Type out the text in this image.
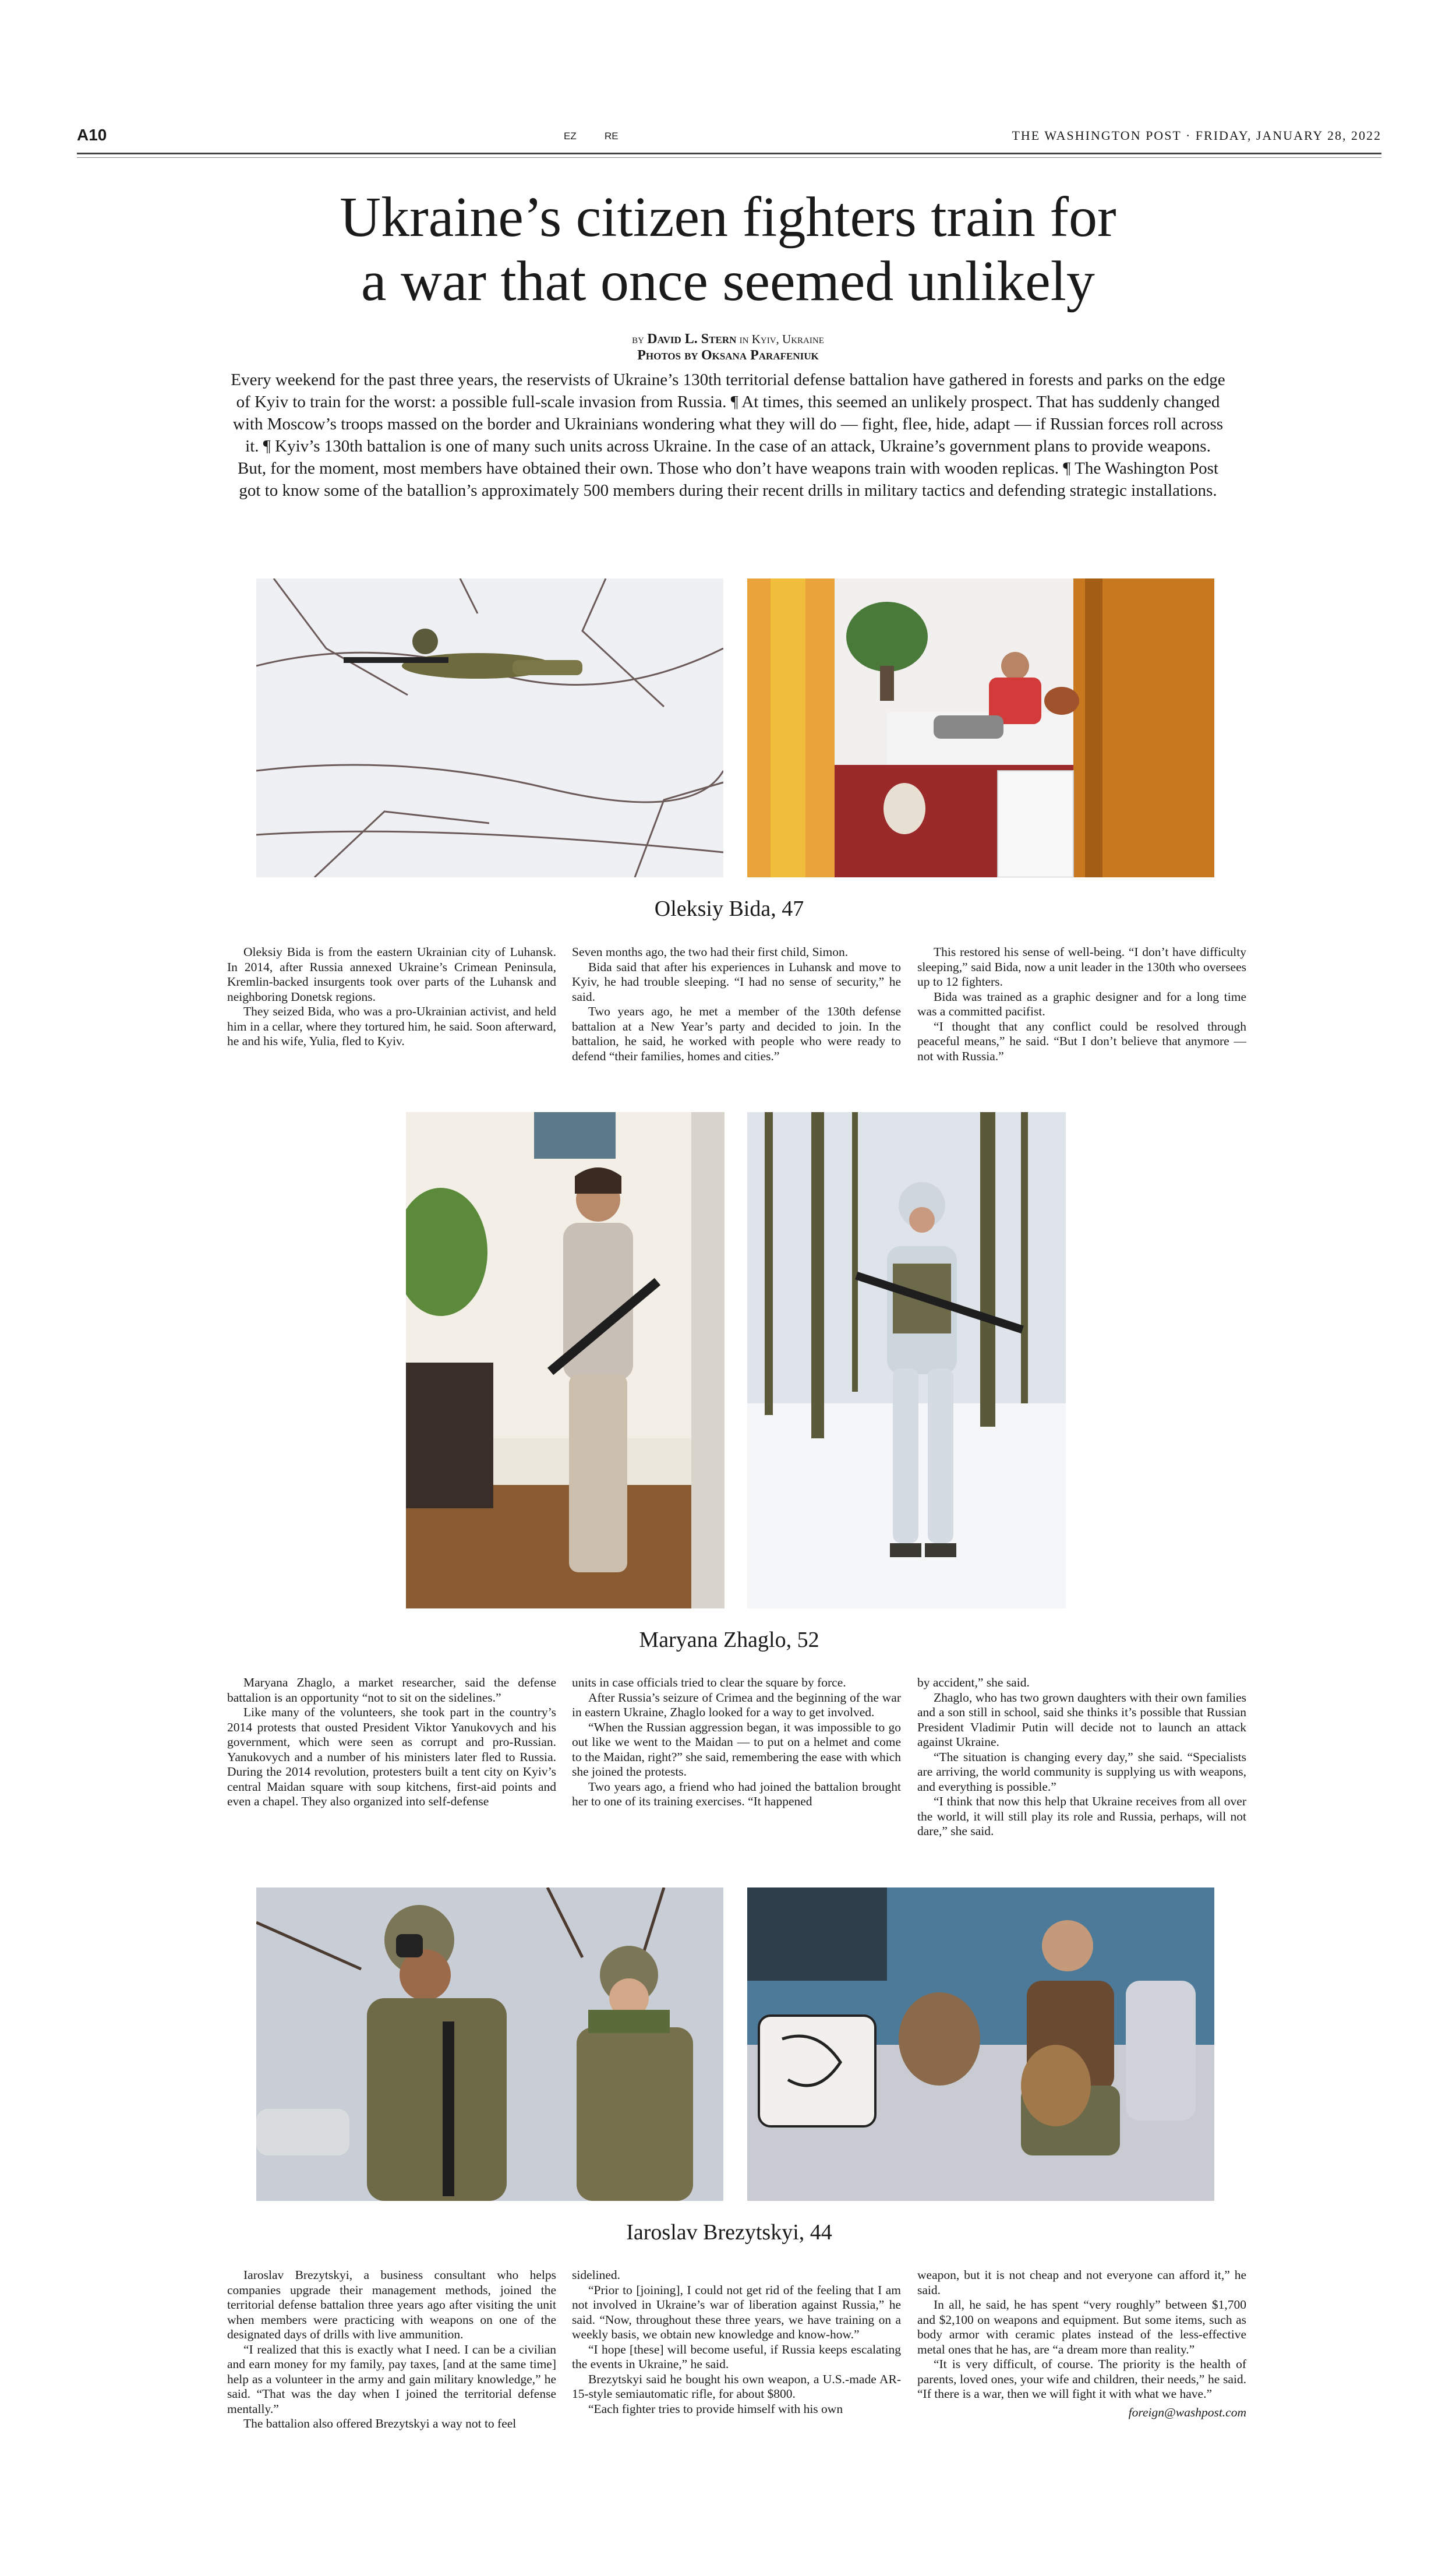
A10	EZ	RE	THE WASHINGTON POST · FRIDAY, JANUARY 28, 2022
Ukraine’s citizen fighters train for
a war that once seemed unlikely
by David L. Stern in Kyiv, Ukraine
Photos by Oksana Parafeniuk

Every weekend for the past three years, the reservists of Ukraine’s 130th territorial defense battalion have gathered in forests and parks on the edge of Kyiv to train for the worst: a possible full-scale invasion from Russia. ¶ At times, this seemed an unlikely prospect. That has suddenly changed with Moscow’s troops massed on the border and Ukrainians wondering what they will do — fight, flee, hide, adapt — if Russian forces roll across it. ¶ Kyiv’s 130th battalion is one of many such units across Ukraine. In the case of an attack, Ukraine’s government plans to provide weapons. But, for the moment, most members have obtained their own. Those who don’t have weapons train with wooden replicas. ¶ The Washington Post got to know some of the batallion’s approximately 500 members during their recent drills in military tactics and defending strategic installations.

Oleksiy Bida, 47

Oleksiy Bida is from the eastern Ukrainian city of Luhansk. In 2014, after Russia annexed Ukraine’s Crimean Peninsula, Kremlin-backed insurgents took over parts of the Luhansk and neighboring Donetsk regions.

They seized Bida, who was a pro-Ukrainian activist, and held him in a cellar, where they tortured him, he said. Soon afterward, he and his wife, Yulia, fled to Kyiv.

Seven months ago, the two had their first child, Simon.

Bida said that after his experiences in Luhansk and move to Kyiv, he had trouble sleeping. “I had no sense of security,” he said.

Two years ago, he met a member of the 130th defense battalion at a New Year’s party and decided to join. In the battalion, he said, he worked with people who were ready to defend “their families, homes and cities.”

This restored his sense of well-being. “I don’t have difficulty sleeping,” said Bida, now a unit leader in the 130th who oversees up to 12 fighters.

Bida was trained as a graphic designer and for a long time was a committed pacifist.

“I thought that any conflict could be resolved through peaceful means,” he said. “But I don’t believe that anymore — not with Russia.”

Maryana Zhaglo, 52

Maryana Zhaglo, a market researcher, said the defense battalion is an opportunity “not to sit on the sidelines.”

Like many of the volunteers, she took part in the country’s 2014 protests that ousted President Viktor Yanukovych and his government, which were seen as corrupt and pro-Russian. Yanukovych and a number of his ministers later fled to Russia. During the 2014 revolution, protesters built a tent city on Kyiv’s central Maidan square with soup kitchens, first-aid points and even a chapel. They also organized into self-defense

units in case officials tried to clear the square by force.

After Russia’s seizure of Crimea and the beginning of the war in eastern Ukraine, Zhaglo looked for a way to get involved.

“When the Russian aggression began, it was impossible to go out like we went to the Maidan — to put on a helmet and come to the Maidan, right?” she said, remembering the ease with which she joined the protests.

Two years ago, a friend who had joined the battalion brought her to one of its training exercises. “It happened

by accident,” she said.

Zhaglo, who has two grown daughters with their own families and a son still in school, said she thinks it’s possible that Russian President Vladimir Putin will decide not to launch an attack against Ukraine.

“The situation is changing every day,” she said. “Specialists are arriving, the world community is supplying us with weapons, and everything is possible.”

“I think that now this help that Ukraine receives from all over the world, it will still play its role and Russia, perhaps, will not dare,” she said.

Iaroslav Brezytskyi, 44

Iaroslav Brezytskyi, a business consultant who helps companies upgrade their management methods, joined the territorial defense battalion three years ago after visiting the unit when members were practicing with weapons on one of the designated days of drills with live ammunition.

“I realized that this is exactly what I need. I can be a civilian and earn money for my family, pay taxes, [and at the same time] help as a volunteer in the army and gain military knowledge,” he said. “That was the day when I joined the territorial defense mentally.”

The battalion also offered Brezytskyi a way not to feel

sidelined.

“Prior to [joining], I could not get rid of the feeling that I am not involved in Ukraine’s war of liberation against Russia,” he said. “Now, throughout these three years, we have training on a weekly basis, we obtain new knowledge and know-how.”

“I hope [these] will become useful, if Russia keeps escalating the events in Ukraine,” he said.

Brezytskyi said he bought his own weapon, a U.S.-made AR-15-style semiautomatic rifle, for about $800.

“Each fighter tries to provide himself with his own

weapon, but it is not cheap and not everyone can afford it,” he said.

In all, he said, he has spent “very roughly” between $1,700 and $2,100 on weapons and equipment. But some items, such as body armor with ceramic plates instead of the less-effective metal ones that he has, are “a dream more than reality.”

“It is very difficult, of course. The priority is the health of parents, loved ones, your wife and children, their needs,” he said. “If there is a war, then we will fight it with what we have.”

foreign@washpost.com
